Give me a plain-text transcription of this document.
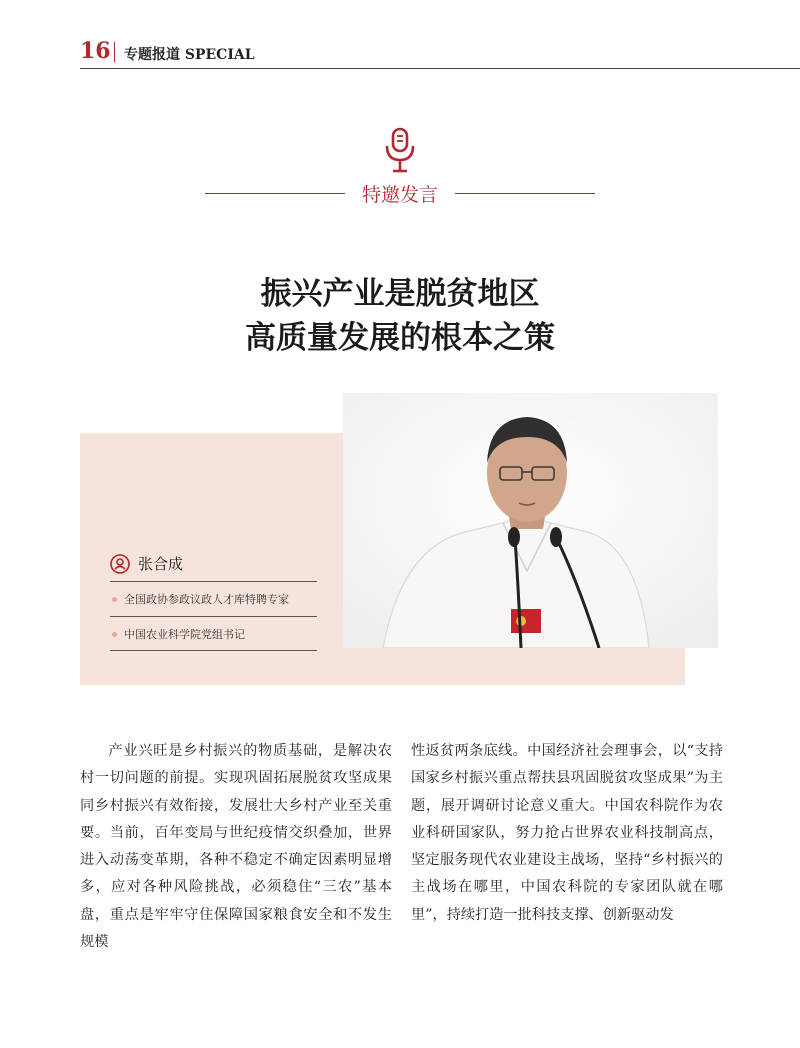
16 专题报道 SPECIAL
特邀发言
振兴产业是脱贫地区
高质量发展的根本之策
张合成
全国政协参政议政人才库特聘专家
中国农业科学院党组书记

产业兴旺是乡村振兴的物质基础，是解决农村一切问题的前提。实现巩固拓展脱贫攻坚成果同乡村振兴有效衔接，发展壮大乡村产业至关重要。当前，百年变局与世纪疫情交织叠加，世界进入动荡变革期，各种不稳定不确定因素明显增多，应对各种风险挑战，必须稳住“三农”基本盘，重点是牢牢守住保障国家粮食安全和不发生规模

性返贫两条底线。中国经济社会理事会，以“支持国家乡村振兴重点帮扶县巩固脱贫攻坚成果”为主题，展开调研讨论意义重大。中国农科院作为农业科研国家队，努力抢占世界农业科技制高点，坚定服务现代农业建设主战场，坚持“乡村振兴的主战场在哪里，中国农科院的专家团队就在哪里”，持续打造一批科技支撑、创新驱动发
